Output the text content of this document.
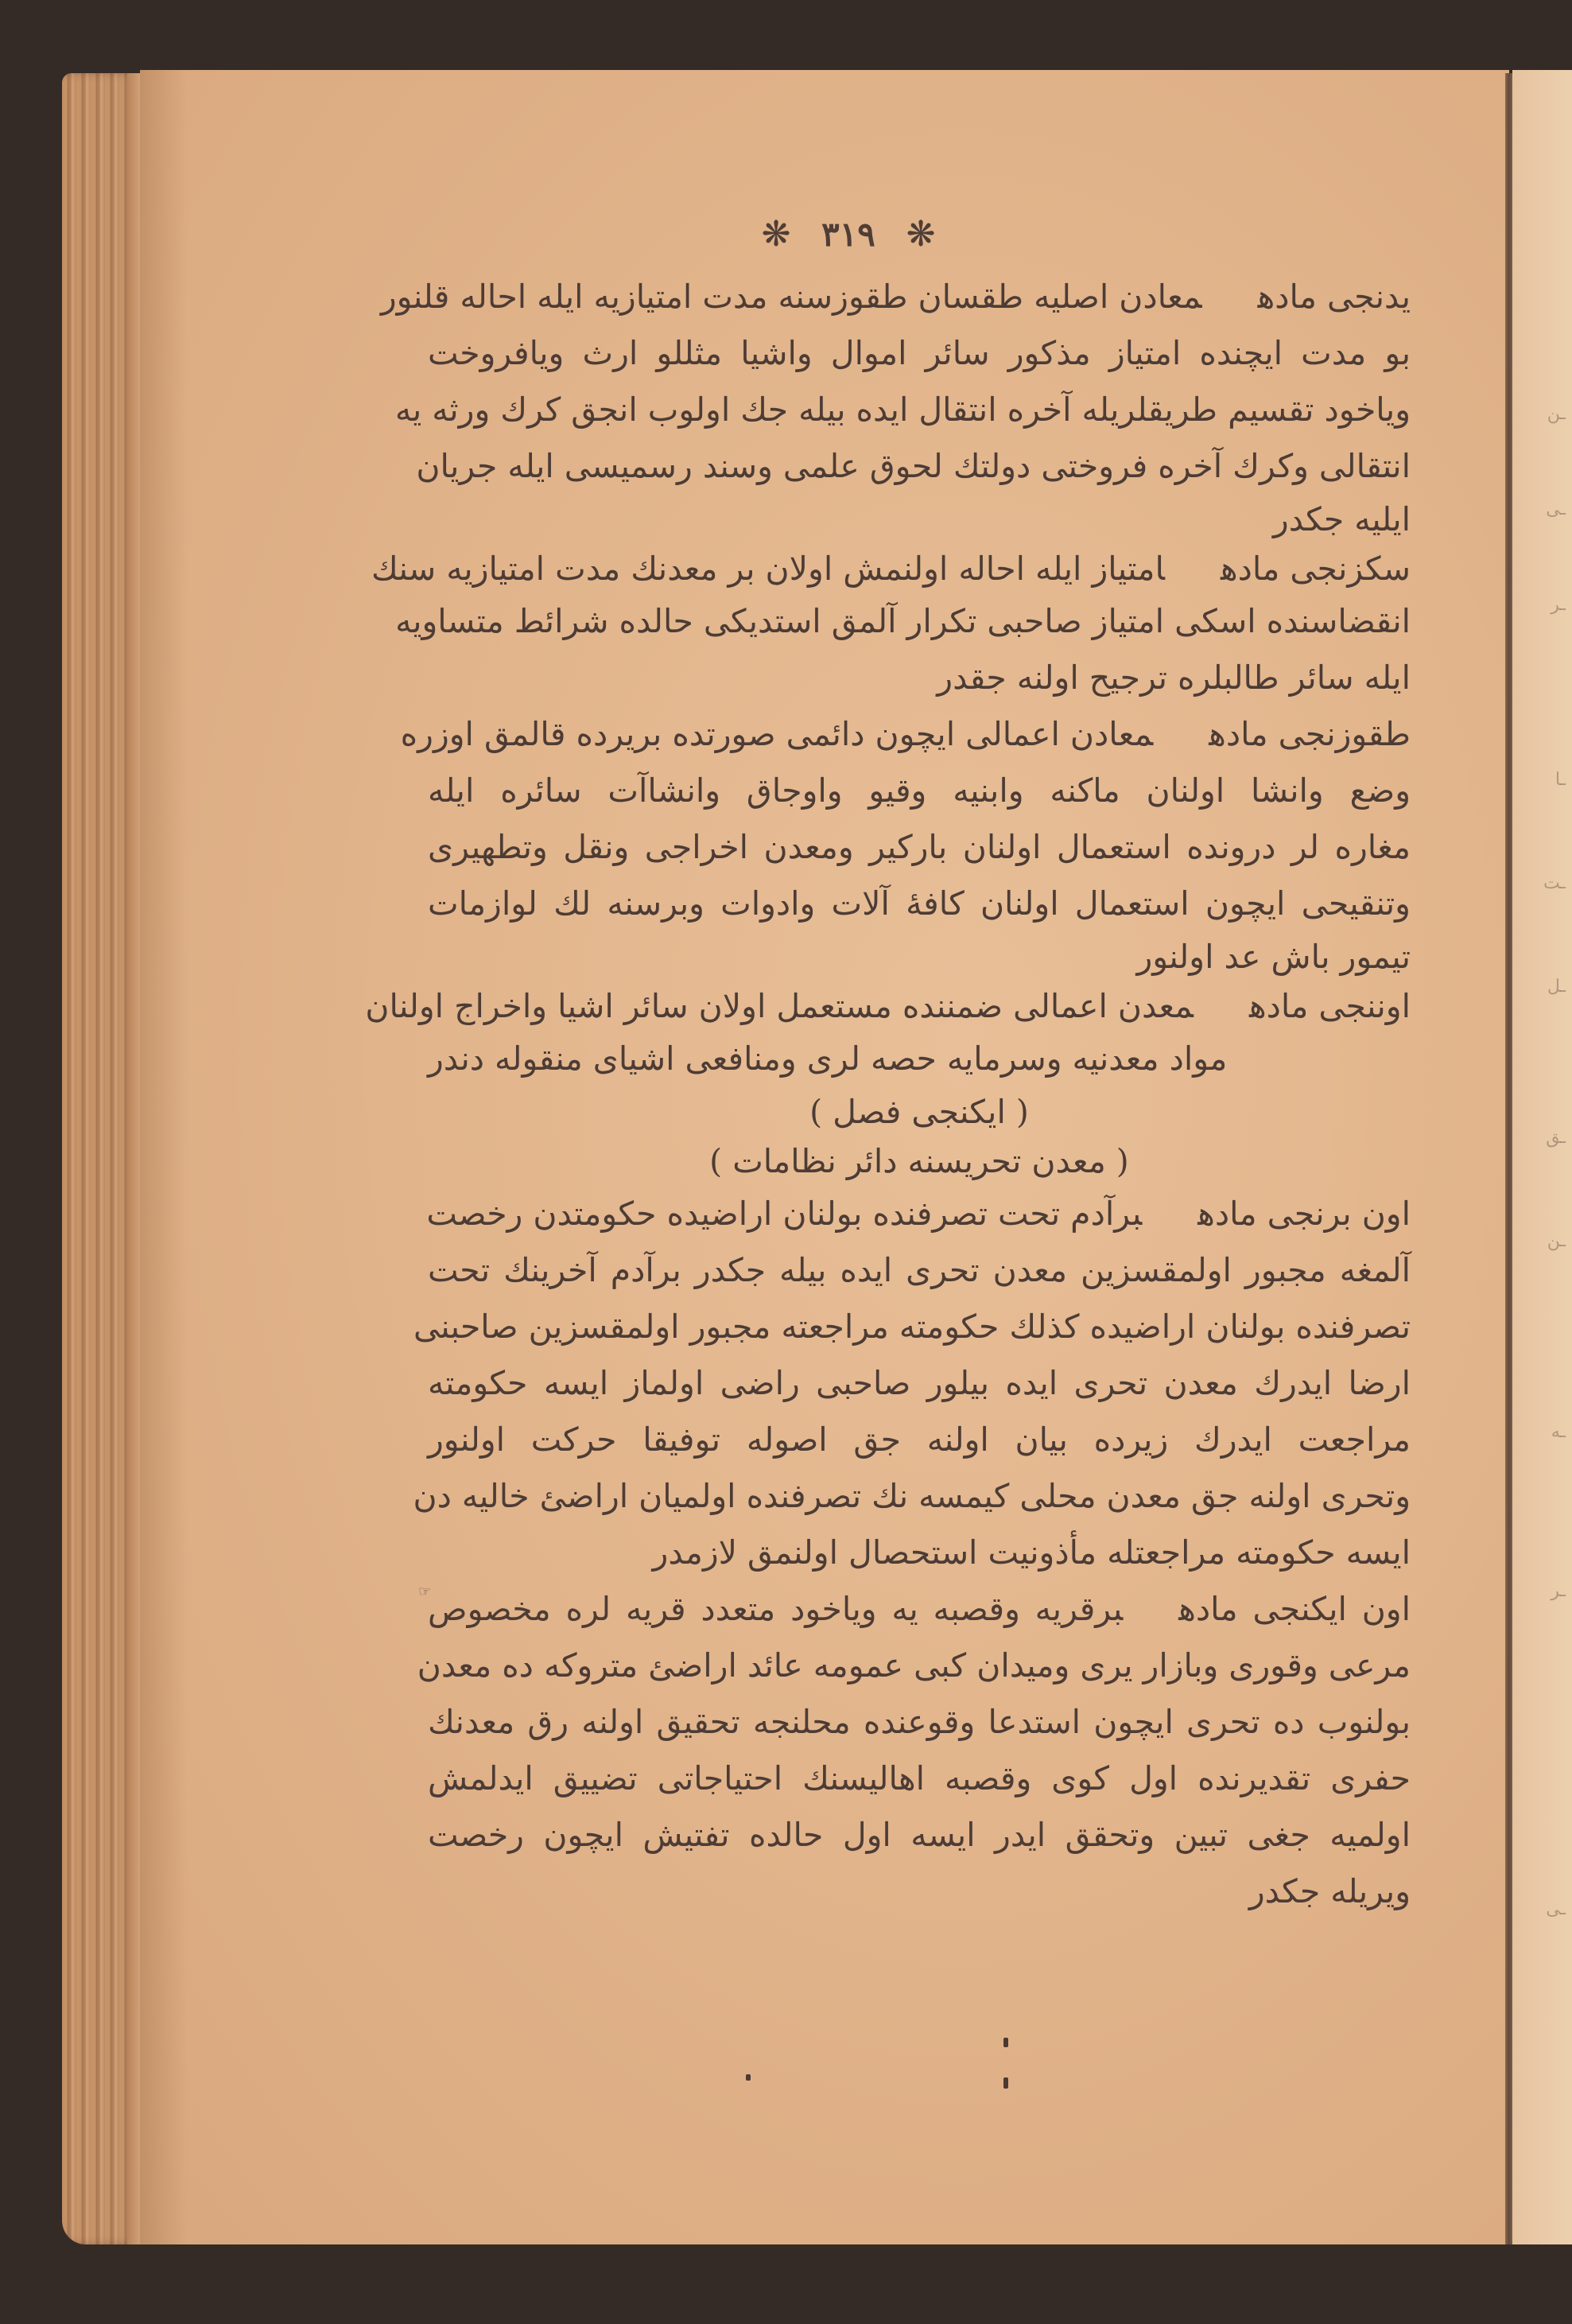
ـن
ـى
ـر
ـا
ـت
ـل
ـق
ـن
ـه
ـر
ـى
❋ ٣١٩ ❋
يدنجى مادهمعادن اصليه طقسان طقوزسنه مدت امتيازيه ايله احاله قلنور
بو مدت ايچنده امتياز مذكور سائر اموال واشيا مثللو ارث وياڧروخت
وياخود تقسيم طريقلريله آخره انتقال ايده بيله جك اولوب انجق كرك ورثه يه
انتقالى وكرك آخره فروختى دولتك لحوق علمى وسند رسميسى ايله جريان
ايليه جكدر
سكزنجى مادهامتياز ايله احاله اولنمش اولان بر معدنك مدت امتيازيه سنك
انقضاسنده اسكى امتياز صاحبى تكرار آلمق استديكى حالده شرائط متساويه
ايله سائر طالبلره ترجيح اولنه جقدر
طقوزنجى مادهمعادن اعمالى ايچون دائمى صورتده بريرده قالمق اوزره
وضع وانشا اولنان ماكنه وابنيه وقيو واوجاق وانشاآت سائره ايله
مغاره لر درونده استعمال اولنان باركير ومعدن اخراجى ونقل وتطهيرى
وتنقيحى ايچون استعمال اولنان كافهٔ آلات وادوات وبرسنه لك لوازمات
تيمور باش عد اولنور
اوننجى مادهمعدن اعمالى ضمننده مستعمل اولان سائر اشيا واخراج اولنان
مواد معدنيه وسرمايه حصه لرى ومنافعى اشياى منقوله دندر
( ايكنجى فصل )
( معدن تحريسنه دائر نظامات )
اون برنجى مادهبرآدم تحت تصرفنده بولنان اراضيده حكومتدن رخصت
آلمغه مجبور اولمقسزين معدن تحرى ايده بيله جكدر برآدم آخرينك تحت
تصرفنده بولنان اراضيده كذلك حكومته مراجعته مجبور اولمقسزين صاحبنى
ارضا ايدرك معدن تحرى ايده بيلور صاحبى راضى اولماز ايسه حكومته
مراجعت ايدرك زيرده بيان اولنه جق اصوله توفيقا حركت اولنور
وتحرى اولنه جق معدن محلى كيمسه نك تصرفنده اولميان اراضئ خاليه دن
ايسه حكومته مراجعتله مأذونيت استحصال اولنمق لازمدر
☞	اون ايكنجى مادهبرقريه وقصبه يه وياخود متعدد قريه لره مخصوص
مرعى وقورى وبازار يرى وميدان كبى عمومه عائد اراضئ متروكه ده معدن
بولنوب ده تحرى ايچون استدعا وقوعنده محلنجه تحقيق اولنه رق معدنك
حفرى تقديرنده اول كوى وقصبه اهاليسنك احتياجاتى تضييق ايدلمش
اولميه جغى تبين وتحقق ايدر ايسه اول حالده تفتيش ايچون رخصت
ويريله جكدر
